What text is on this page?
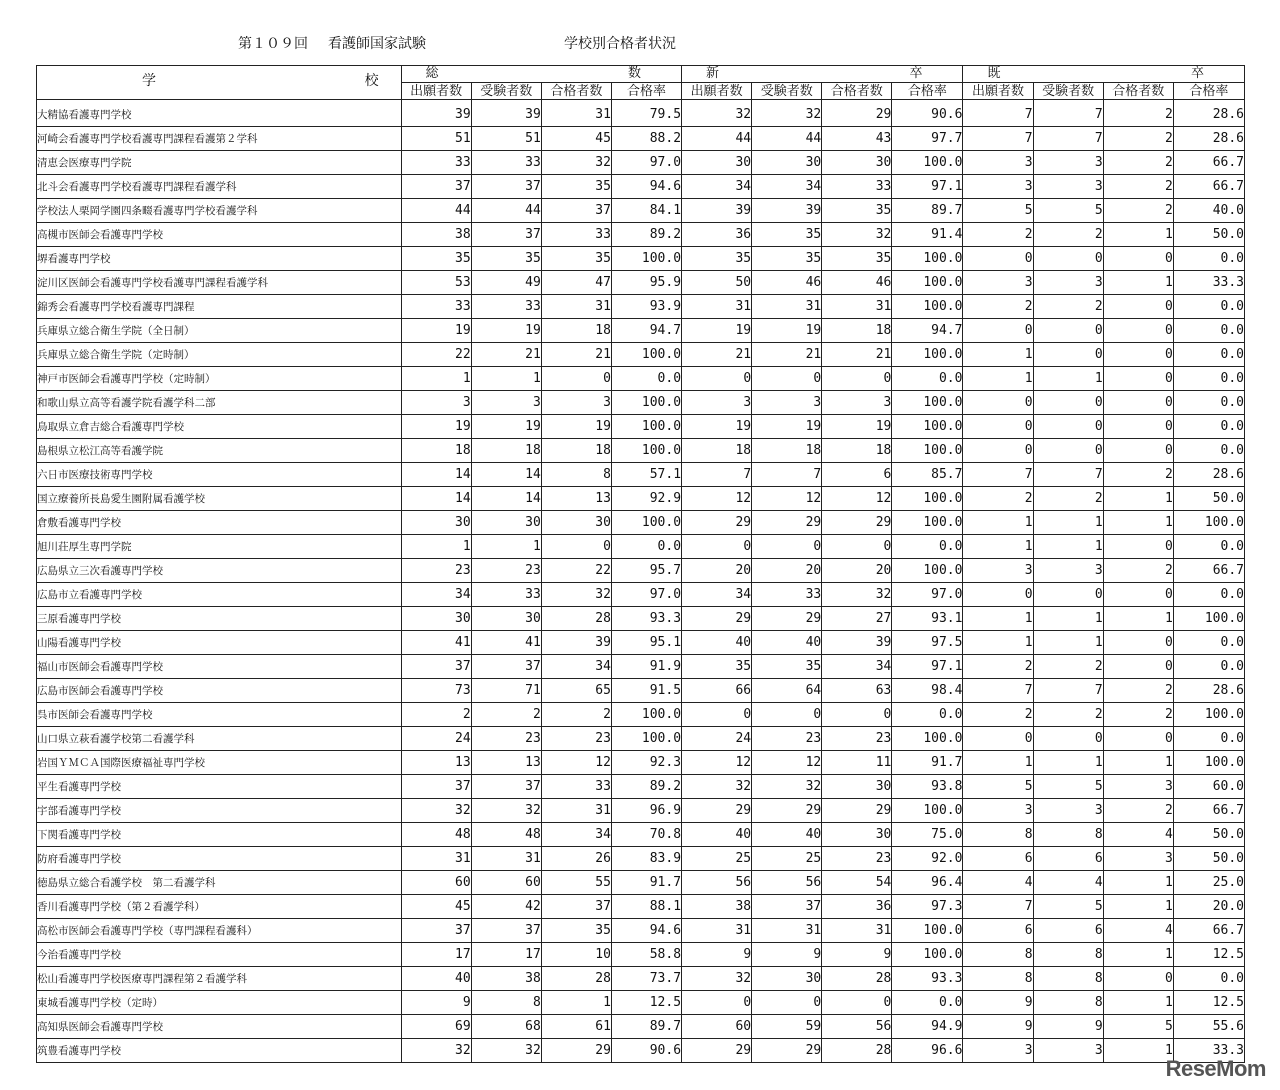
第１０９回 看護師国家試験	学校別合格者状況
学 校	総 数				新 卒				既 卒			

	出願者数	受験者数	合格者数	合格率	出願者数	受験者数	合格者数	合格率	出願者数	受験者数	合格者数	合格率
大精協看護専門学校	39	39	31	79.5	32	32	29	90.6	7	7	2	28.6
河崎会看護専門学校看護専門課程看護第２学科	51	51	45	88.2	44	44	43	97.7	7	7	2	28.6
清恵会医療専門学院	33	33	32	97.0	30	30	30	100.0	3	3	2	66.7
北斗会看護専門学校看護専門課程看護学科	37	37	35	94.6	34	34	33	97.1	3	3	2	66.7
学校法人栗岡学園四条畷看護専門学校看護学科	44	44	37	84.1	39	39	35	89.7	5	5	2	40.0
高槻市医師会看護専門学校	38	37	33	89.2	36	35	32	91.4	2	2	1	50.0
堺看護専門学校	35	35	35	100.0	35	35	35	100.0	0	0	0	0.0
淀川区医師会看護専門学校看護専門課程看護学科	53	49	47	95.9	50	46	46	100.0	3	3	1	33.3
錦秀会看護専門学校看護専門課程	33	33	31	93.9	31	31	31	100.0	2	2	0	0.0
兵庫県立総合衛生学院（全日制）	19	19	18	94.7	19	19	18	94.7	0	0	0	0.0
兵庫県立総合衛生学院（定時制）	22	21	21	100.0	21	21	21	100.0	1	0	0	0.0
神戸市医師会看護専門学校（定時制）	1	1	0	0.0	0	0	0	0.0	1	1	0	0.0
和歌山県立高等看護学院看護学科二部	3	3	3	100.0	3	3	3	100.0	0	0	0	0.0
鳥取県立倉吉総合看護専門学校	19	19	19	100.0	19	19	19	100.0	0	0	0	0.0
島根県立松江高等看護学院	18	18	18	100.0	18	18	18	100.0	0	0	0	0.0
六日市医療技術専門学校	14	14	8	57.1	7	7	6	85.7	7	7	2	28.6
国立療養所長島愛生園附属看護学校	14	14	13	92.9	12	12	12	100.0	2	2	1	50.0
倉敷看護専門学校	30	30	30	100.0	29	29	29	100.0	1	1	1	100.0
旭川荘厚生専門学院	1	1	0	0.0	0	0	0	0.0	1	1	0	0.0
広島県立三次看護専門学校	23	23	22	95.7	20	20	20	100.0	3	3	2	66.7
広島市立看護専門学校	34	33	32	97.0	34	33	32	97.0	0	0	0	0.0
三原看護専門学校	30	30	28	93.3	29	29	27	93.1	1	1	1	100.0
山陽看護専門学校	41	41	39	95.1	40	40	39	97.5	1	1	0	0.0
福山市医師会看護専門学校	37	37	34	91.9	35	35	34	97.1	2	2	0	0.0
広島市医師会看護専門学校	73	71	65	91.5	66	64	63	98.4	7	7	2	28.6
呉市医師会看護専門学校	2	2	2	100.0	0	0	0	0.0	2	2	2	100.0
山口県立萩看護学校第二看護学科	24	23	23	100.0	24	23	23	100.0	0	0	0	0.0
岩国ＹＭＣＡ国際医療福祉専門学校	13	13	12	92.3	12	12	11	91.7	1	1	1	100.0
平生看護専門学校	37	37	33	89.2	32	32	30	93.8	5	5	3	60.0
宇部看護専門学校	32	32	31	96.9	29	29	29	100.0	3	3	2	66.7
下関看護専門学校	48	48	34	70.8	40	40	30	75.0	8	8	4	50.0
防府看護専門学校	31	31	26	83.9	25	25	23	92.0	6	6	3	50.0
徳島県立総合看護学校　第二看護学科	60	60	55	91.7	56	56	54	96.4	4	4	1	25.0
香川看護専門学校（第２看護学科）	45	42	37	88.1	38	37	36	97.3	7	5	1	20.0
高松市医師会看護専門学校（専門課程看護科）	37	37	35	94.6	31	31	31	100.0	6	6	4	66.7
今治看護専門学校	17	17	10	58.8	9	9	9	100.0	8	8	1	12.5
松山看護専門学校医療専門課程第２看護学科	40	38	28	73.7	32	30	28	93.3	8	8	0	0.0
東城看護専門学校（定時）	9	8	1	12.5	0	0	0	0.0	9	8	1	12.5
高知県医師会看護専門学校	69	68	61	89.7	60	59	56	94.9	9	9	5	55.6
筑豊看護専門学校	32	32	29	90.6	29	29	28	96.6	3	3	1	33.3
ReseMom
